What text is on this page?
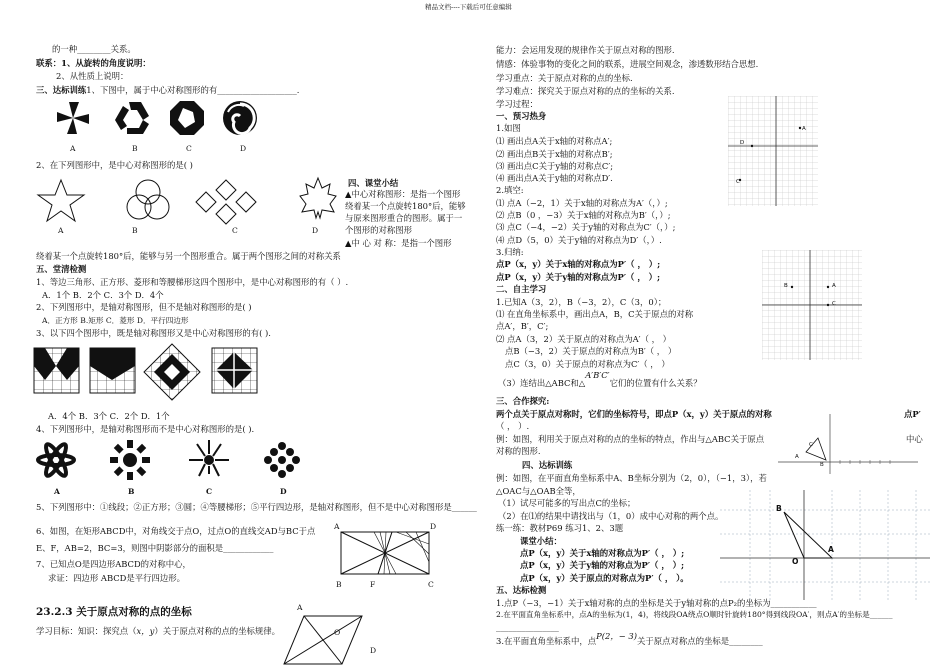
精品文档----下载后可任意编辑
的一种________关系。
联系：1、从旋转的角度说明：
2、从性质上说明：
三、达标训练1、下图中，属于中心对称图形的有___________________.
A	B	C	D
2、在下列图形中，是中心对称图形的是( )
A	B	C	D
四、课堂小结
▲中心对称图形：是指一个图形
绕着某一个点旋转180°后，能够
与原来图形重合的图形。属于一
个图形的对称图形
▲中 心 对 称：是指一个图形
绕着某一个点旋转180°后，能够与另一个图形重合。属于两个图形之间的对称关系
五、堂清检测
1、等边三角形、正方形、菱形和等腰梯形这四个图形中，是中心对称图形的有（ ）.
A．1个 B．2个 C．3个 D．4个
2、下列图形中，是轴对称图形，但不是轴对称图形的是( )
A．正方形 B.矩形 C．菱形 D．平行四边形
3、以下四个图形中，既是轴对称图形又是中心对称图形的有( ).
A．4个 B．3个 C．2个 D．1个
4、下列图形中，是轴对称图形而不是中心对称图形的是( ).
A	B	C	D
5、下列图形中：①线段；②正方形；③圆；④等腰梯形；⑤平行四边形，是轴对称图形，但不是中心对称图形是______
6、如图，在矩形ABCD中，对角线交于点O，过点O的直线交AD与BC于点
E、F，AB=2，BC=3，则图中阴影部分的面积是____________
7、已知点O是四边形ABCD的对称中心，
求证：四边形 ABCD是平行四边形。
A	D
B	F	C
23.2.3 关于原点对称的点的坐标
学习目标：知识：探究点（x，y）关于原点对称的点的坐标规律。
A
O
D
能力：会运用发现的规律作关于原点对称的图形.
情感：体验事物的变化之间的联系，进展空间观念，渗透数形结合思想.
学习重点：关于原点对称的点的坐标.
学习难点：探究关于原点对称的点的坐标的关系.
学习过程：
一、预习热身
1.如图
⑴ 画出点A关于x轴的对称点A′;
⑵ 画出点B关于x轴的对称点B′;
⑶ 画出点C关于y轴的对称点C′;
⑷ 画出点A关于y轴的对称点D′.
2.填空:
⑴ 点A（−2，1）关于x轴的对称点为A′（，）;
⑵ 点B（0 ，−3）关于x轴的对称点为B′（，）;
⑶ 点C（−4，−2）关于y轴的对称点为C′（，）;
⑷ 点D（5，0）关于y轴的对称点为D′（，）.
3.归纳:
点P（x，y）关于x轴的对称点为P′（ ， ）;
点P（x，y）关于y轴的对称点为P′（ ， ）;
二、自主学习
1.已知A（3，2），B（−3，2），C（3，0）；
⑴ 在直角坐标系中，画出点A，B，C关于原点的对称
点A′，B′，C′;
⑵ 点A（3，2）关于原点的对称点为A′（ ， ）
点B（−3，2）关于原点的对称点为B′（ ， ）
点C（3，0）关于原点的对称点为C′（ ， ）
（3）连结出△ABC和△A′B′C′它们的位置有什么关系？
三、合作探究:
两个点关于原点对称时，它们的坐标符号，即点P（x，y）关于原点的对称	点P′
（ ， ）.
例：如图，利用关于原点对称的点的坐标的特点，作出与△ABC关于原点	中心
对称的图形.
四、达标训练
例：如图，在平面直角坐标系中A、B坐标分别为（2，0），（−1，3），若
△OAC与△OAB全等，
（1）试尽可能多的写出点C的坐标；
（2）在⑴的结果中请找出与（1，0）成中心对称的两个点。
练一练：教材P69 练习1、2、3题
课堂小结：
点P（x，y）关于x轴的对称点为P′（ ， ）;
点P（x，y）关于y轴的对称点为P′（ ， ）;
点P（x，y）关于原点的对称点为P′（ ， ）。
五、达标检测
1.点P（−3，−1）关于x轴对称的点的坐标是关于y轴对称的点P₂的坐标为___________
2.在平面直角坐标系中，点A的坐标为(1，4)，将线段OA绕点O顺时针旋转180°得到线段OA′，则点A′的坐标是______
_______________
3.在平面直角坐标系中，点P(2，− 3)关于原点对称点的坐标是________
A
D
C
B	A
C
C
A
B
B
O
A
